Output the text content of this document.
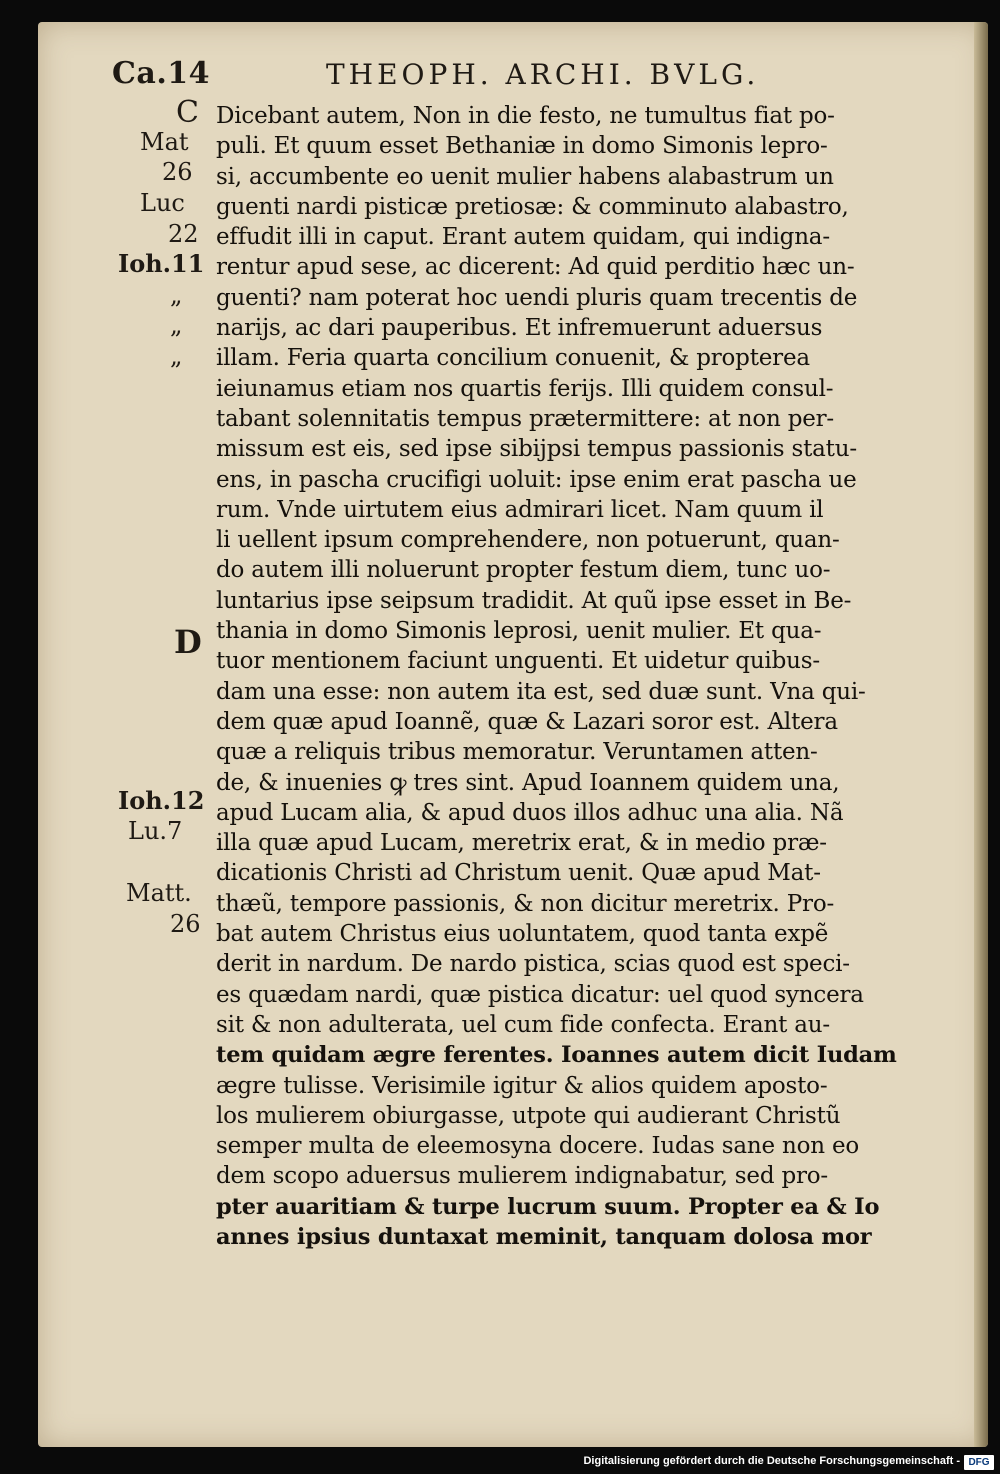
Ca.14	THEOPH. ARCHI. BVLG.
C
Mat
26
Luc
22
Ioh.11
„
„
„
D
Ioh.12
Lu.7
Matt.
26
Dicebant autem, Non in die festo, ne tumultus fiat po-
puli. Et quum esset Bethaniæ in domo Simonis lepro-
si, accumbente eo uenit mulier habens alabastrum un
guenti nardi pisticæ pretiosæ: & comminuto alabastro,
effudit illi in caput. Erant autem quidam, qui indigna-
rentur apud sese, ac dicerent: Ad quid perditio hæc un-
guenti? nam poterat hoc uendi pluris quam trecentis de
narijs, ac dari pauperibus. Et infremuerunt aduersus
illam. Feria quarta concilium conuenit, & propterea
ieiunamus etiam nos quartis ferijs. Illi quidem consul-
tabant solennitatis tempus prætermittere: at non per-
missum est eis, sed ipse sibijpsi tempus passionis statu-
ens, in pascha crucifigi uoluit: ipse enim erat pascha ue
rum. Vnde uirtutem eius admirari licet. Nam quum il
li uellent ipsum comprehendere, non potuerunt, quan-
do autem illi noluerunt propter festum diem, tunc uo-
luntarius ipse seipsum tradidit. At quũ ipse esset in Be-
thania in domo Simonis leprosi, uenit mulier. Et qua-
tuor mentionem faciunt unguenti. Et uidetur quibus-
dam una esse: non autem ita est, sed duæ sunt. Vna qui-
dem quæ apud Ioannẽ, quæ & Lazari soror est. Altera
quæ a reliquis tribus memoratur. Veruntamen atten-
de, & inuenies ꝙ tres sint. Apud Ioannem quidem una,
apud Lucam alia, & apud duos illos adhuc una alia. Nã
illa quæ apud Lucam, meretrix erat, & in medio præ-
dicationis Christi ad Christum uenit. Quæ apud Mat-
thæũ, tempore passionis, & non dicitur meretrix. Pro-
bat autem Christus eius uoluntatem, quod tanta expẽ
derit in nardum. De nardo pistica, scias quod est speci-
es quædam nardi, quæ pistica dicatur: uel quod syncera
sit & non adulterata, uel cum fide confecta. Erant au-
tem quidam ægre ferentes. Ioannes autem dicit Iudam
ægre tulisse. Verisimile igitur & alios quidem aposto-
los mulierem obiurgasse, utpote qui audierant Christũ
semper multa de eleemosyna docere. Iudas sane non eo
dem scopo aduersus mulierem indignabatur, sed pro-
pter auaritiam & turpe lucrum suum. Propter ea & Io
annes ipsius duntaxat meminit, tanquam dolosa mor
Digitalisierung gefördert durch die Deutsche Forschungsgemeinschaft - DFG
